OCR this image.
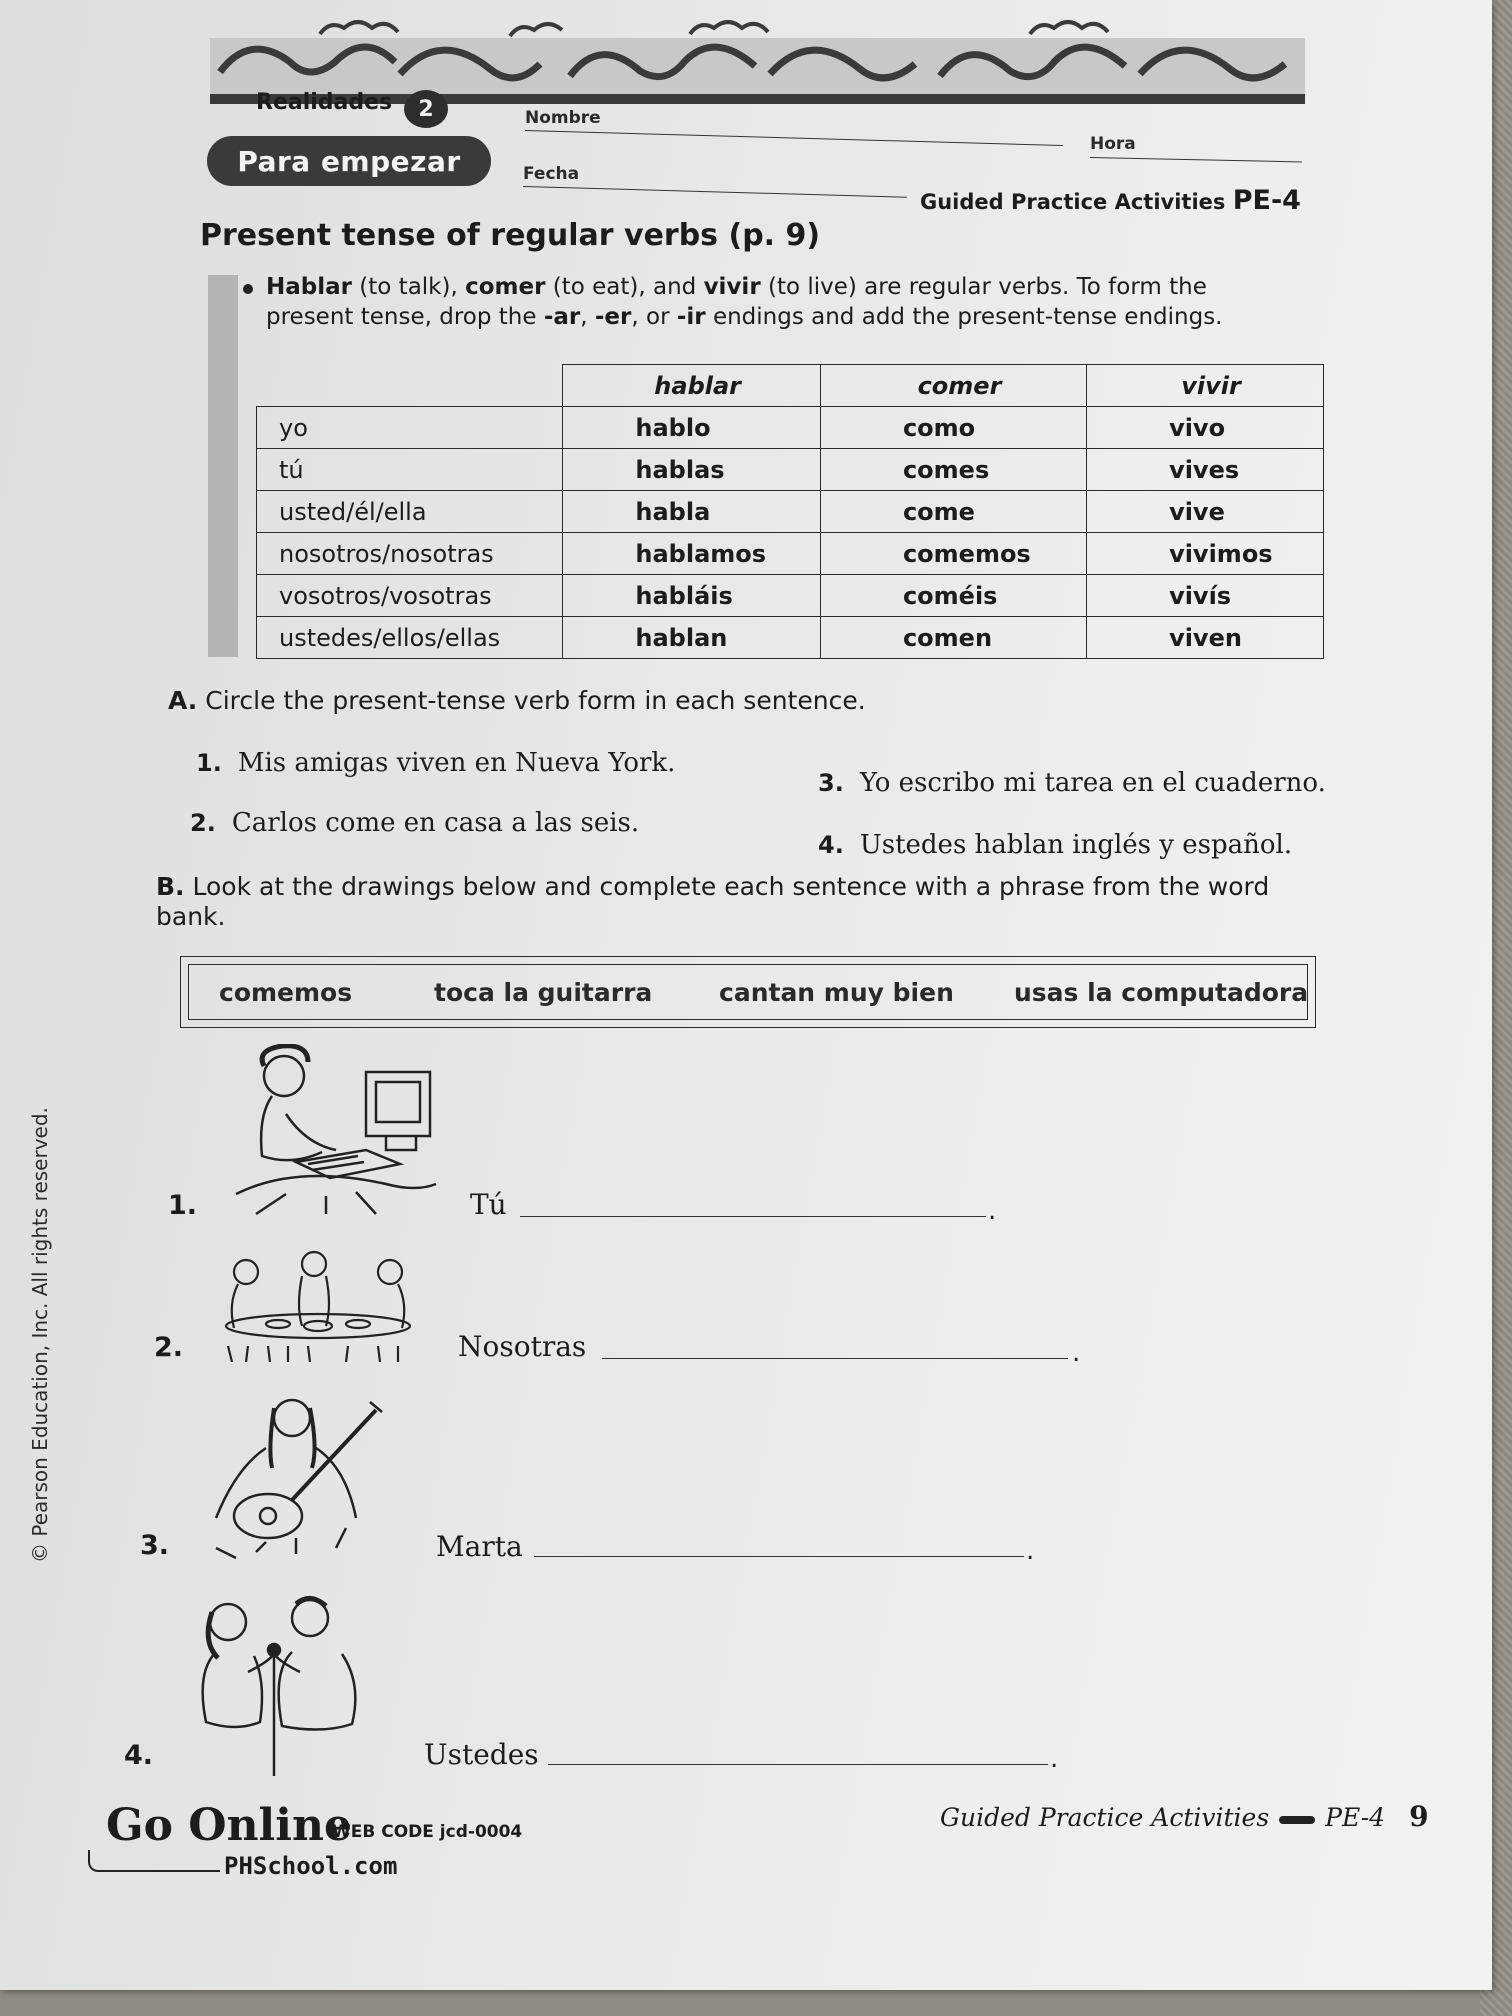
Realidades	2	Nombre
Hora
Para empezar	Fecha
Guided Practice Activities PE-4
Present tense of regular verbs (p. 9)
Hablar (to talk), comer (to eat), and vivir (to live) are regular verbs. To form the present tense, drop the -ar, -er, or -ir endings and add the present-tense endings.
	hablar	comer	vivir
yo	hablo	como	vivo
tú	hablas	comes	vives
usted/él/ella	habla	come	vive
nosotros/nosotras	hablamos	comemos	vivimos
vosotros/vosotras	habláis	coméis	vivís
ustedes/ellos/ellas	hablan	comen	viven
A. Circle the present-tense verb form in each sentence.
1. Mis amigas viven en Nueva York.
2. Carlos come en casa a las seis.
3. Yo escribo mi tarea en el cuaderno.
4. Ustedes hablan inglés y español.
B. Look at the drawings below and complete each sentence with a phrase from the word bank.
comemos	toca la guitarra	cantan muy bien usas la computadora
1.	Tú	.
2.	Nosotras	.
3.	Marta	.
4.	Ustedes	.
© Pearson Education, Inc. All rights reserved.
Go Online
WEB CODE jcd-0004
PHSchool.com
Guided Practice Activities PE-4 9
